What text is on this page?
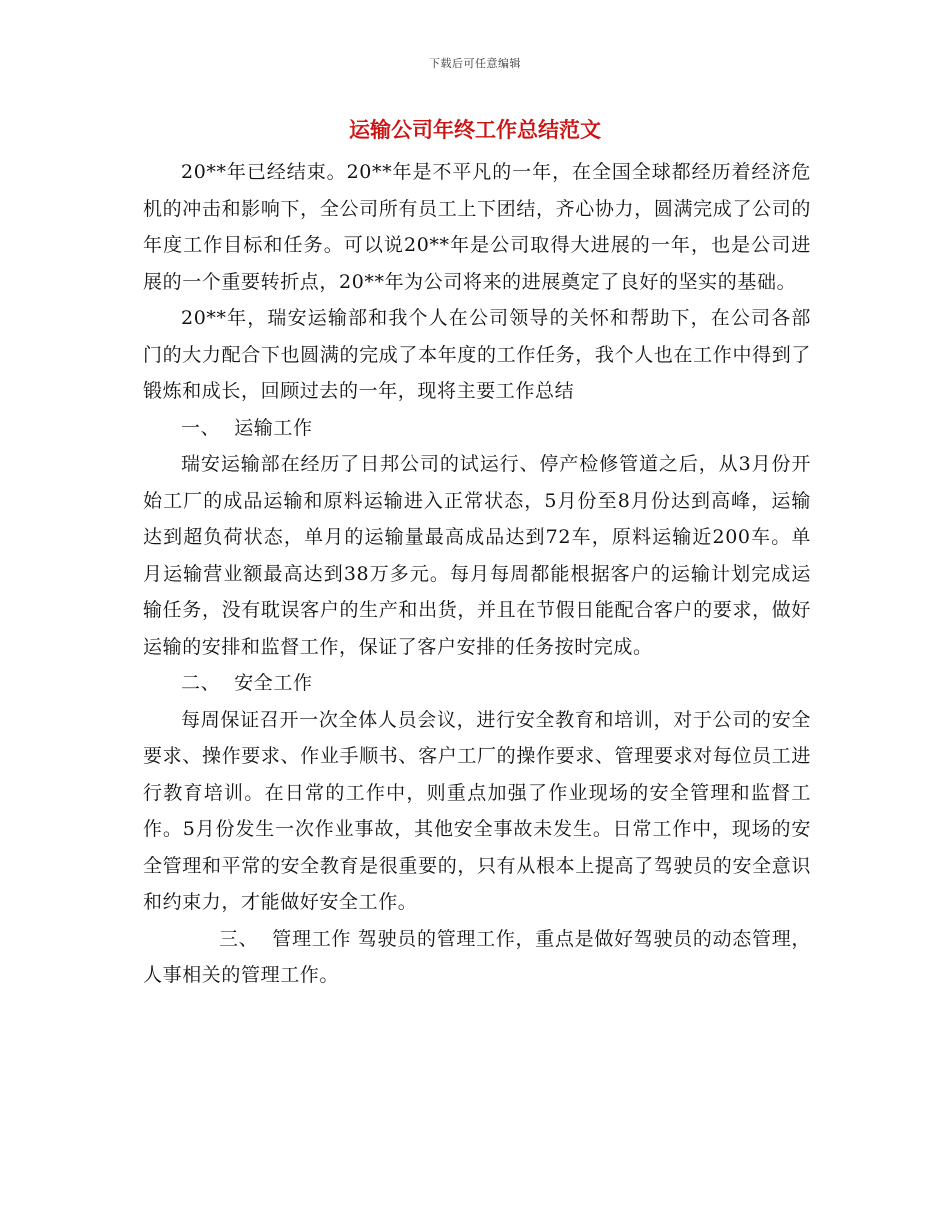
下载后可任意编辑
运输公司年终工作总结范文

20**年已经结束。20**年是不平凡的一年，在全国全球都经历着经济危机的冲击和影响下，全公司所有员工上下团结，齐心协力，圆满完成了公司的年度工作目标和任务。可以说20**年是公司取得大进展的一年，也是公司进展的一个重要转折点，20**年为公司将来的进展奠定了良好的坚实的基础。

20**年，瑞安运输部和我个人在公司领导的关怀和帮助下，在公司各部门的大力配合下也圆满的完成了本年度的工作任务，我个人也在工作中得到了锻炼和成长，回顾过去的一年，现将主要工作总结

一、 运输工作

瑞安运输部在经历了日邦公司的试运行、停产检修管道之后，从3月份开始工厂的成品运输和原料运输进入正常状态，5月份至8月份达到高峰，运输达到超负荷状态，单月的运输量最高成品达到72车，原料运输近200车。单月运输营业额最高达到38万多元。每月每周都能根据客户的运输计划完成运输任务，没有耽误客户的生产和出货，并且在节假日能配合客户的要求，做好运输的安排和监督工作，保证了客户安排的任务按时完成。

二、 安全工作

每周保证召开一次全体人员会议，进行安全教育和培训，对于公司的安全要求、操作要求、作业手顺书、客户工厂的操作要求、管理要求对每位员工进行教育培训。在日常的工作中，则重点加强了作业现场的安全管理和监督工作。5月份发生一次作业事故，其他安全事故未发生。日常工作中，现场的安全管理和平常的安全教育是很重要的，只有从根本上提高了驾驶员的安全意识和约束力，才能做好安全工作。

三、 管理工作 驾驶员的管理工作，重点是做好驾驶员的动态管理，人事相关的管理工作。
